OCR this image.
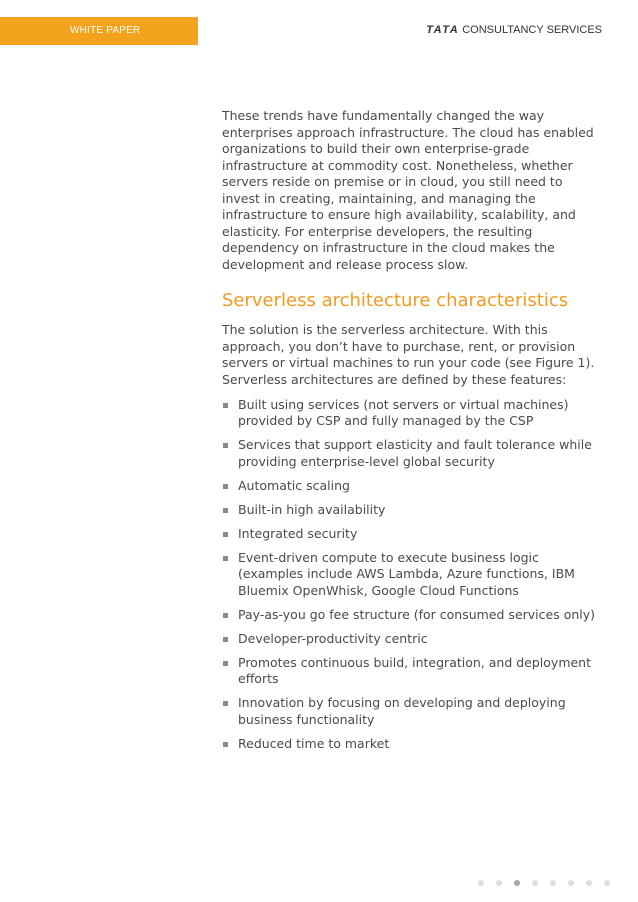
WHITE PAPER	TATA CONSULTANCY SERVICES

These trends have fundamentally changed the way enterprises approach infrastructure. The cloud has enabled organizations to build their own enterprise-grade infrastructure at commodity cost. Nonetheless, whether servers reside on premise or in cloud, you still need to invest in creating, maintaining, and managing the infrastructure to ensure high availability, scalability, and elasticity. For enterprise developers, the resulting dependency on infrastructure in the cloud makes the development and release process slow.

Serverless architecture characteristics

The solution is the serverless architecture. With this approach, you don’t have to purchase, rent, or provision servers or virtual machines to run your code (see Figure 1). Serverless architectures are defined by these features:

Built using services (not servers or virtual machines) provided by CSP and fully managed by the CSP
Services that support elasticity and fault tolerance while providing enterprise-level global security
Automatic scaling
Built-in high availability
Integrated security
Event-driven compute to execute business logic (examples include AWS Lambda, Azure functions, IBM Bluemix OpenWhisk, Google Cloud Functions
Pay-as-you go fee structure (for consumed services only)
Developer-productivity centric
Promotes continuous build, integration, and deployment efforts
Innovation by focusing on developing and deploying business functionality
Reduced time to market
